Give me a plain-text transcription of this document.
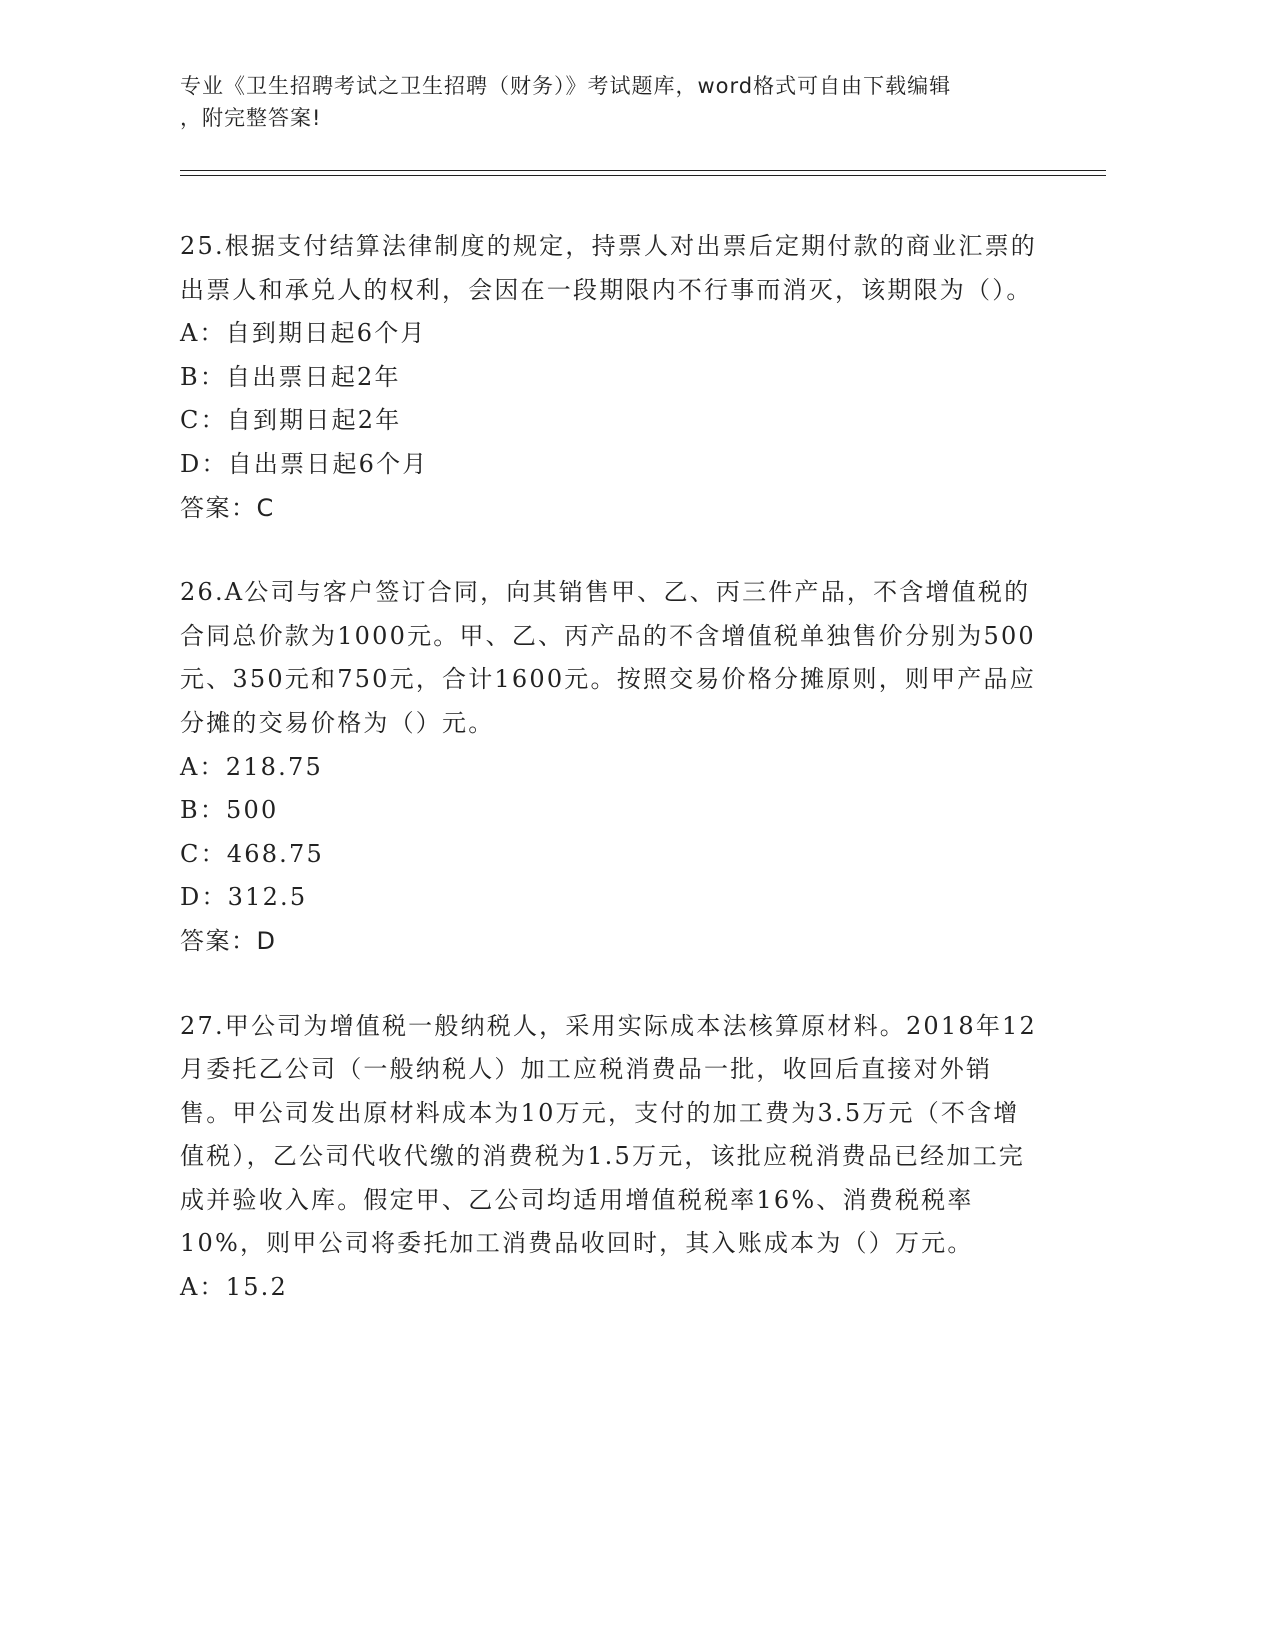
专业《卫生招聘考试之卫生招聘（财务）》考试题库，word格式可自由下载编辑
，附完整答案!

25.根据支付结算法律制度的规定，持票人对出票后定期付款的商业汇票的出票人和承兑人的权利，会因在一段期限内不行事而消灭，该期限为（）。

A：自到期日起6个月

B：自出票日起2年

C：自到期日起2年

D：自出票日起6个月

答案：C

26.A公司与客户签订合同，向其销售甲、乙、丙三件产品，不含增值税的合同总价款为1000元。甲、乙、丙产品的不含增值税单独售价分别为500元、350元和750元，合计1600元。按照交易价格分摊原则，则甲产品应分摊的交易价格为（）元。

A：218.75

B：500

C：468.75

D：312.5

答案：D

27.甲公司为增值税一般纳税人，采用实际成本法核算原材料。2018年12月委托乙公司（一般纳税人）加工应税消费品一批，收回后直接对外销售。甲公司发出原材料成本为10万元，支付的加工费为3.5万元（不含增值税），乙公司代收代缴的消费税为1.5万元，该批应税消费品已经加工完成并验收入库。假定甲、乙公司均适用增值税税率16%、消费税税率10%，则甲公司将委托加工消费品收回时，其入账成本为（）万元。

A：15.2
